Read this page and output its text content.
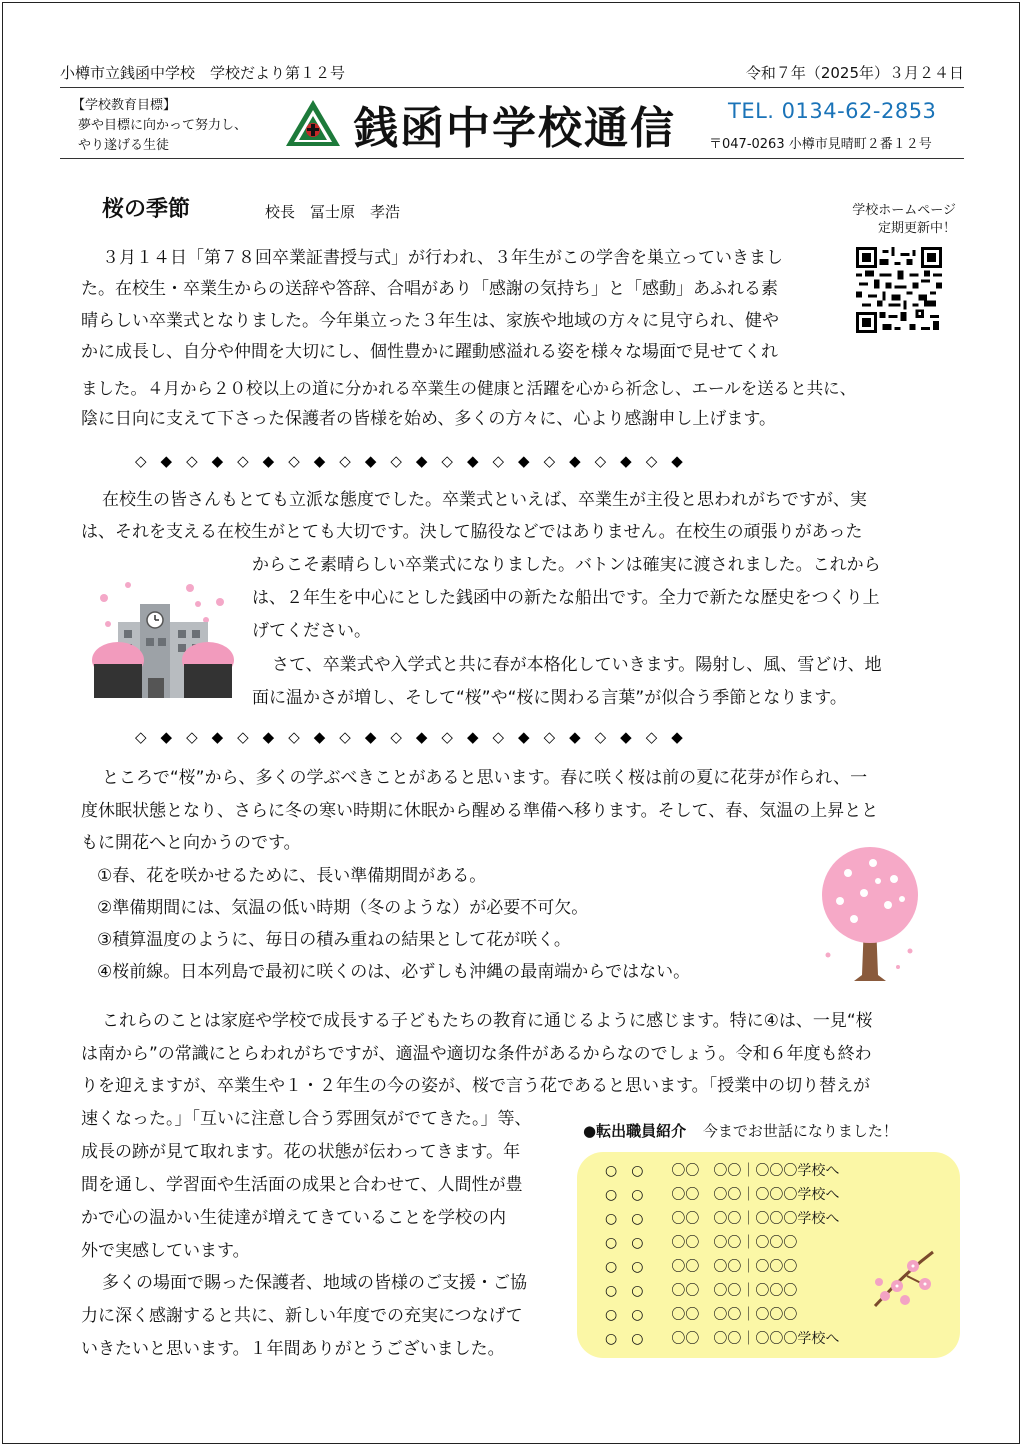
小樽市立銭函中学校　学校だより第１２号	令和７年（2025年）３月２４日
【学校教育目標】
夢や目標に向かって努力し、
やり遂げる生徒	銭函中学校通信 TEL. 0134-62-2853
〒047-0263 小樽市見晴町２番１２号
学校ホームページ
定期更新中！
桜の季節	校長　冨士原　孝浩
３月１４日「第７８回卒業証書授与式」が行われ、３年生がこの学舎を巣立っていきまし
た。在校生・卒業生からの送辞や答辞、合唱があり「感謝の気持ち」と「感動」あふれる素
晴らしい卒業式となりました。今年巣立った３年生は、家族や地域の方々に見守られ、健や
かに成長し、自分や仲間を大切にし、個性豊かに躍動感溢れる姿を様々な場面で見せてくれ
ました。４月から２０校以上の道に分かれる卒業生の健康と活躍を心から祈念し、エールを送ると共に、
陰に日向に支えて下さった保護者の皆様を始め、多くの方々に、心より感謝申し上げます。
◇◆◇◆◇◆◇◆◇◆◇◆◇◆◇◆◇◆◇◆◇◆
在校生の皆さんもとても立派な態度でした。卒業式といえば、卒業生が主役と思われがちですが、実
は、それを支える在校生がとても大切です。決して脇役などではありません。在校生の頑張りがあった
からこそ素晴らしい卒業式になりました。バトンは確実に渡されました。これから
は、２年生を中心にとした銭函中の新たな船出です。全力で新たな歴史をつくり上
げてください。
さて、卒業式や入学式と共に春が本格化していきます。陽射し、風、雪どけ、地
面に温かさが増し、そして“桜”や“桜に関わる言葉”が似合う季節となります。
◇◆◇◆◇◆◇◆◇◆◇◆◇◆◇◆◇◆◇◆◇◆
ところで“桜”から、多くの学ぶべきことがあると思います。春に咲く桜は前の夏に花芽が作られ、一
度休眠状態となり、さらに冬の寒い時期に休眠から醒める準備へ移ります。そして、春、気温の上昇とと
もに開花へと向かうのです。
①春、花を咲かせるために、長い準備期間がある。
②準備期間には、気温の低い時期（冬のような）が必要不可欠。
③積算温度のように、毎日の積み重ねの結果として花が咲く。
④桜前線。日本列島で最初に咲くのは、必ずしも沖縄の最南端からではない。
これらのことは家庭や学校で成長する子どもたちの教育に通じるように感じます。特に④は、一見“桜
は南から”の常識にとらわれがちですが、適温や適切な条件があるからなのでしょう。令和６年度も終わ
りを迎えますが、卒業生や１・２年生の今の姿が、桜で言う花であると思います。「授業中の切り替えが
速くなった。」「互いに注意し合う雰囲気がでてきた。」等、
成長の跡が見て取れます。花の状態が伝わってきます。年
間を通し、学習面や生活面の成果と合わせて、人間性が豊
かで心の温かい生徒達が増えてきていることを学校の内
外で実感しています。
多くの場面で賜った保護者、地域の皆様のご支援・ご協
力に深く感謝すると共に、新しい年度での充実につなげて
いきたいと思います。１年間ありがとうございました。
●転出職員紹介 今までお世話になりました！
○　○　　〇〇　〇〇｜〇〇〇学校へ
○　○　　〇〇　〇〇｜〇〇〇学校へ
○　○　　〇〇　〇〇｜〇〇〇学校へ
○　○　　〇〇　〇〇｜〇〇〇
○　○　　〇〇　〇〇｜〇〇〇
○　○　　〇〇　〇〇｜〇〇〇
○　○　　〇〇　〇〇｜〇〇〇
○　○　　〇〇　〇〇｜〇〇〇学校へ
